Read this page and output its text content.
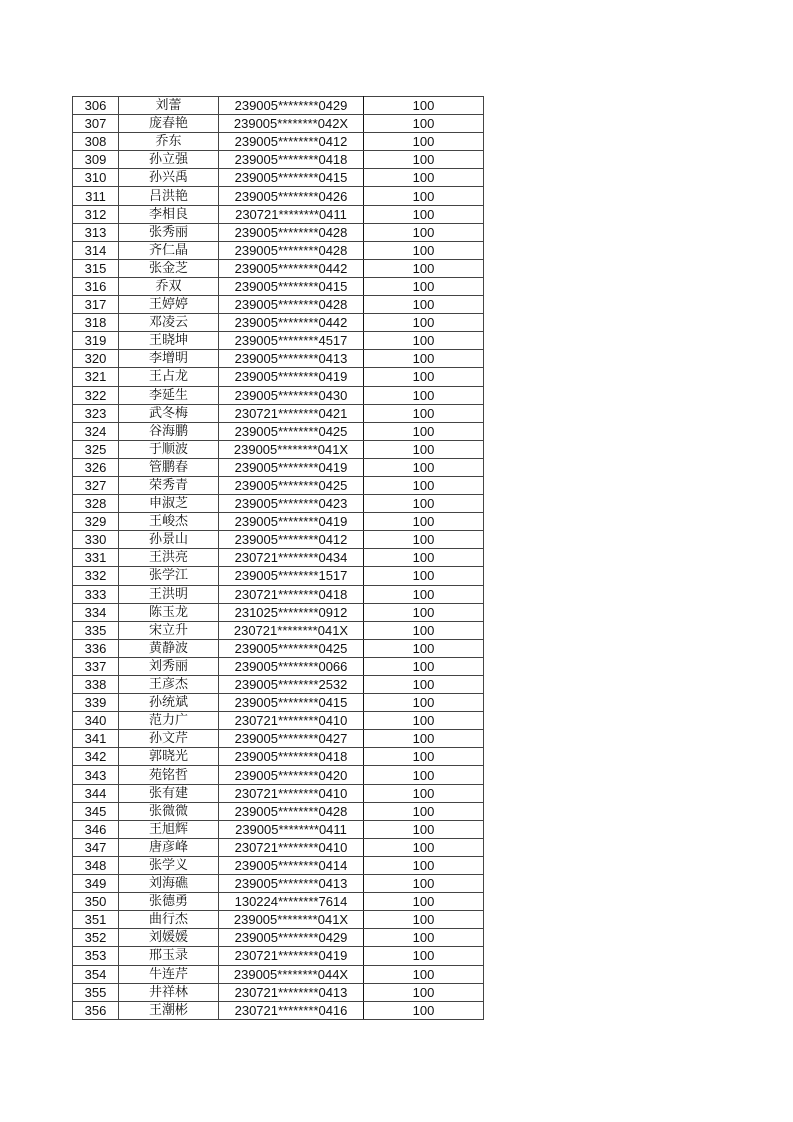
306	刘蕾	239005********0429	100
307	庞春艳	239005********042X	100
308	乔东	239005********0412	100
309	孙立强	239005********0418	100
310	孙兴禹	239005********0415	100
311	吕洪艳	239005********0426	100
312	李相良	230721********0411	100
313	张秀丽	239005********0428	100
314	齐仁晶	239005********0428	100
315	张金芝	239005********0442	100
316	乔双	239005********0415	100
317	王婷婷	239005********0428	100
318	邓凌云	239005********0442	100
319	王晓坤	239005********4517	100
320	李增明	239005********0413	100
321	王占龙	239005********0419	100
322	李延生	239005********0430	100
323	武冬梅	230721********0421	100
324	谷海鹏	239005********0425	100
325	于顺波	239005********041X	100
326	管鹏春	239005********0419	100
327	荣秀青	239005********0425	100
328	申淑芝	239005********0423	100
329	王峻杰	239005********0419	100
330	孙景山	239005********0412	100
331	王洪亮	230721********0434	100
332	张学江	239005********1517	100
333	王洪明	230721********0418	100
334	陈玉龙	231025********0912	100
335	宋立升	230721********041X	100
336	黄静波	239005********0425	100
337	刘秀丽	239005********0066	100
338	王彦杰	239005********2532	100
339	孙统斌	239005********0415	100
340	范力广	230721********0410	100
341	孙文芹	239005********0427	100
342	郭晓光	239005********0418	100
343	苑铭哲	239005********0420	100
344	张有建	230721********0410	100
345	张微微	239005********0428	100
346	王旭辉	239005********0411	100
347	唐彦峰	230721********0410	100
348	张学义	239005********0414	100
349	刘海礁	239005********0413	100
350	张德勇	130224********7614	100
351	曲行杰	239005********041X	100
352	刘媛媛	239005********0429	100
353	邢玉录	230721********0419	100
354	牛连芹	239005********044X	100
355	井祥林	230721********0413	100
356	王潮彬	230721********0416	100
